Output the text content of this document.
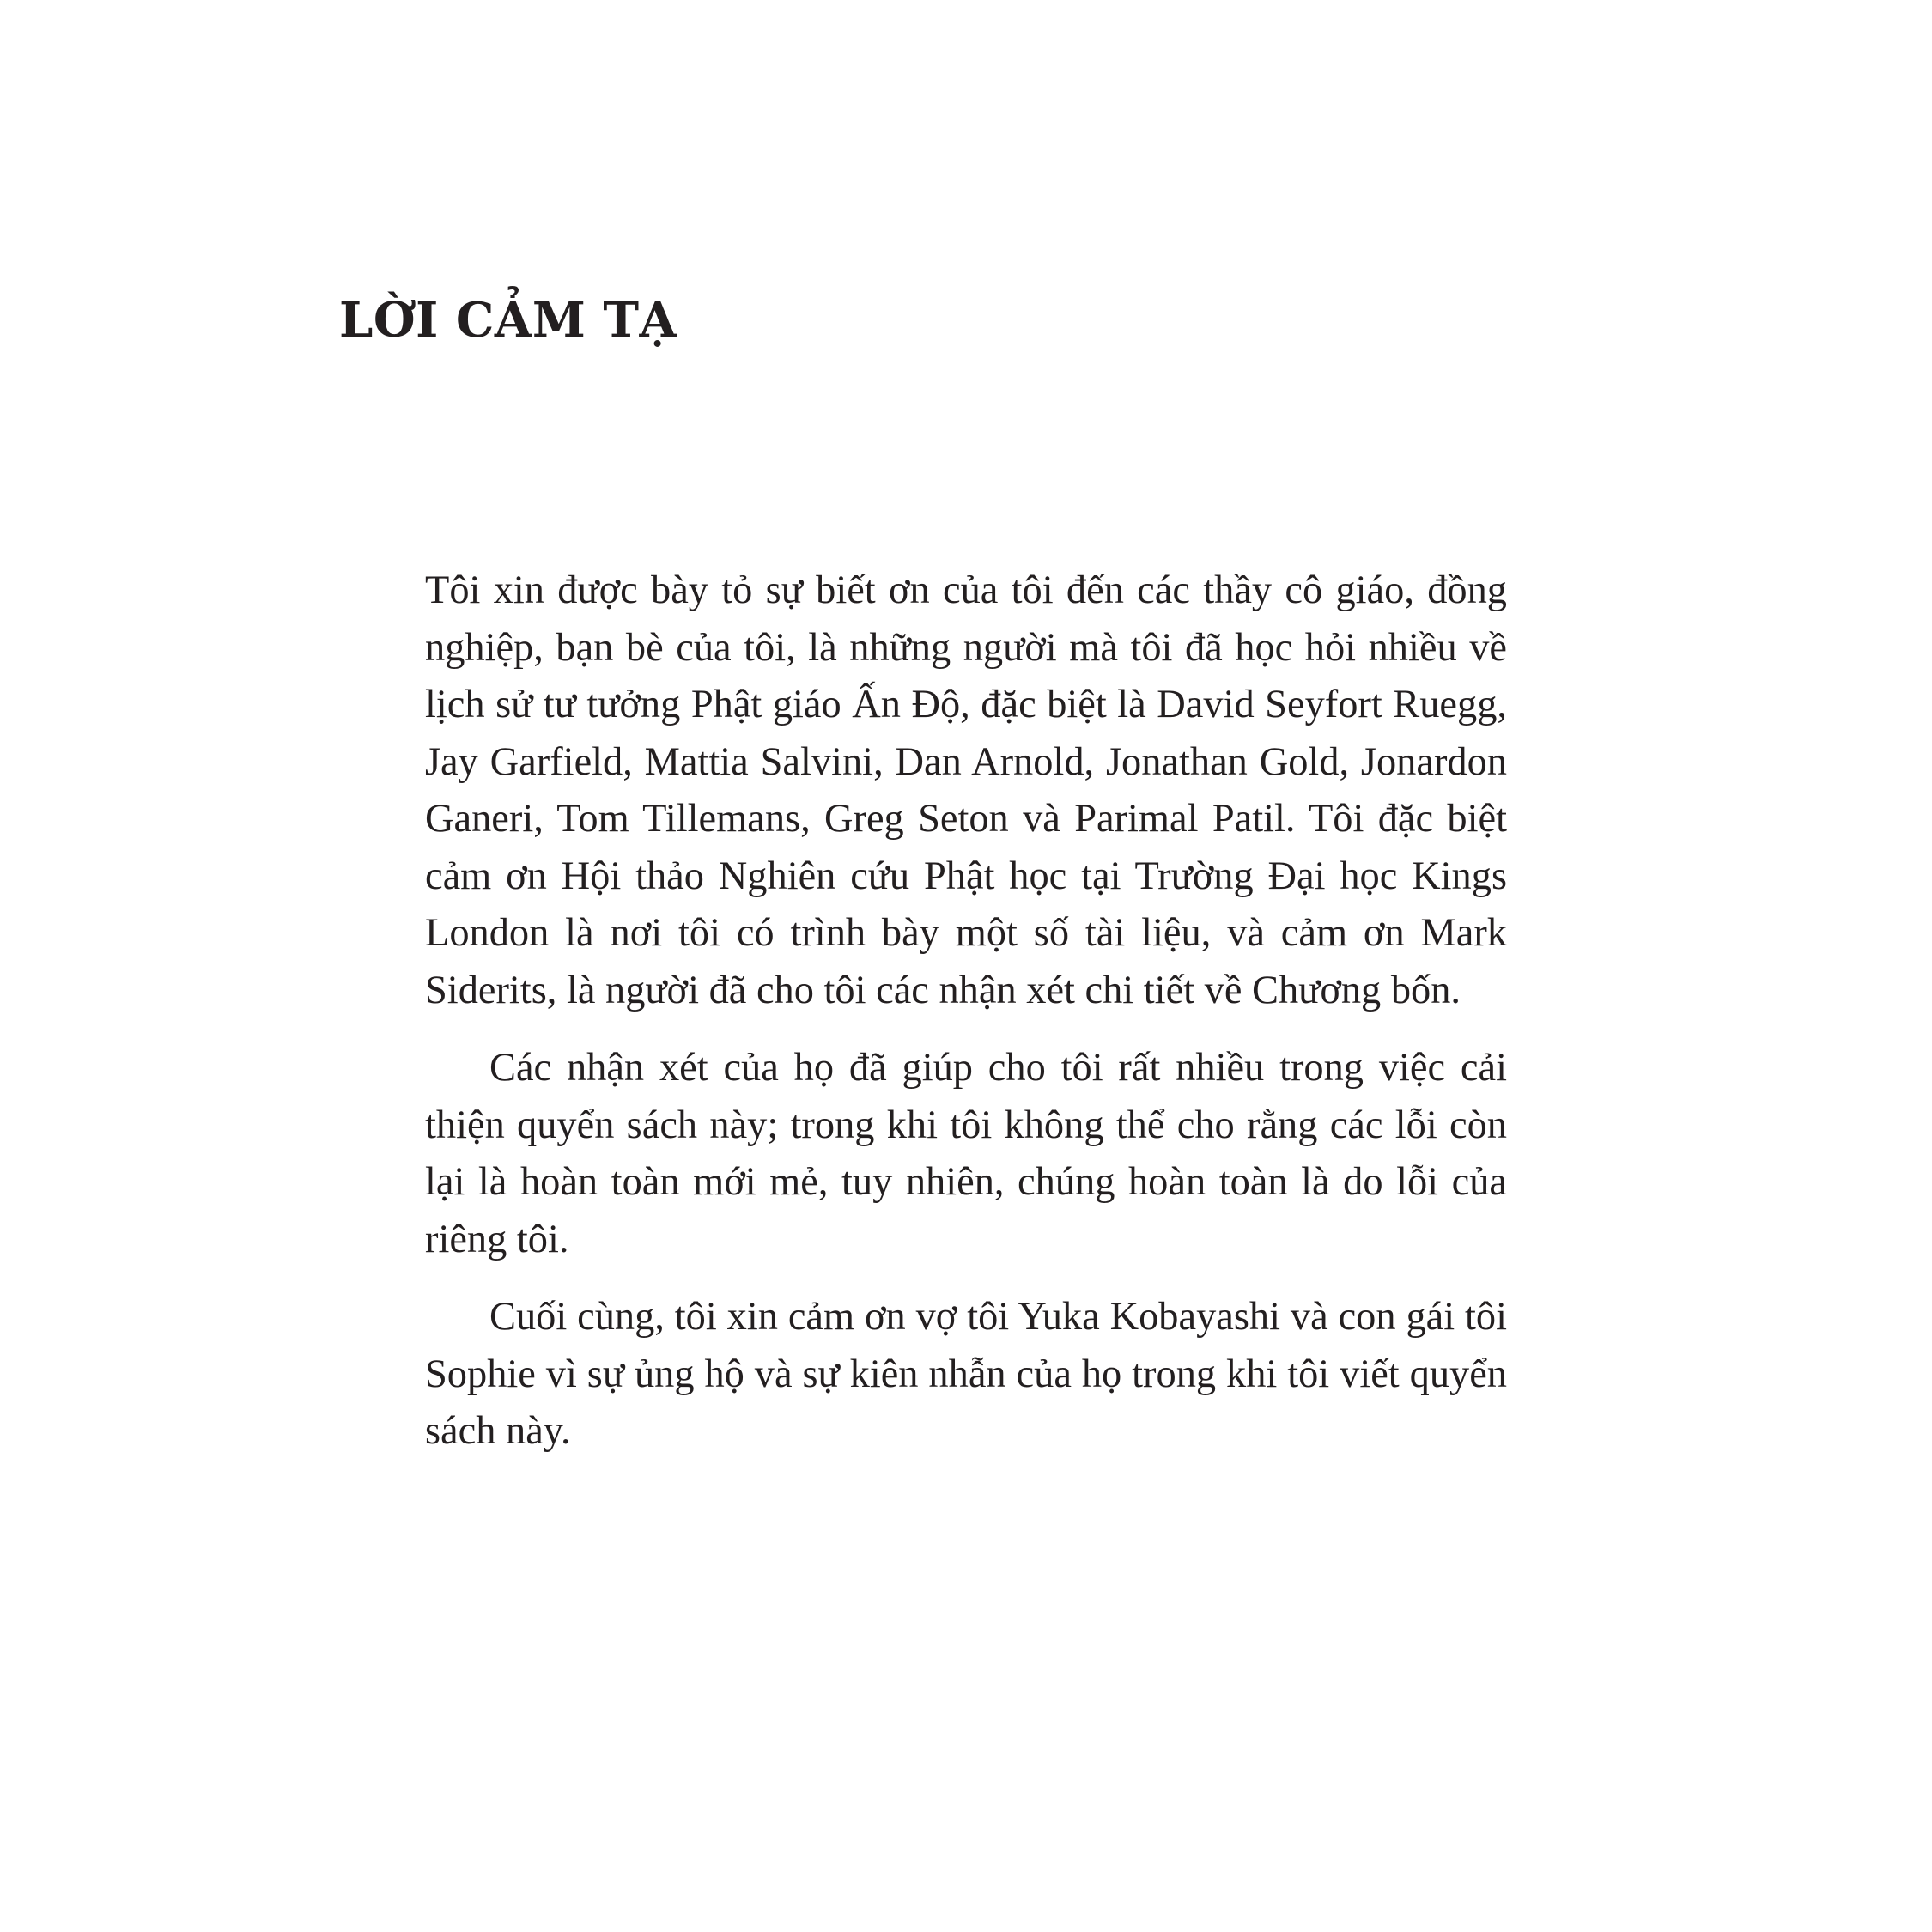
LỜI CẢM TẠ

Tôi xin được bày tỏ sự biết ơn của tôi đến các thầy cô giáo, đồng nghiệp, bạn bè của tôi, là những người mà tôi đã học hỏi nhiều về lịch sử tư tưởng Phật giáo Ấn Độ, đặc biệt là David Seyfort Ruegg, Jay Garfield, Mattia Salvini, Dan Arnold, Jonathan Gold, Jonardon Ganeri, Tom Tillemans, Greg Seton và Parimal Patil. Tôi đặc biệt cảm ơn Hội thảo Nghiên cứu Phật học tại Trường Đại học Kings London là nơi tôi có trình bày một số tài liệu, và cảm ơn Mark Siderits, là người đã cho tôi các nhận xét chi tiết về Chương bốn.

Các nhận xét của họ đã giúp cho tôi rất nhiều trong việc cải thiện quyển sách này; trong khi tôi không thể cho rằng các lỗi còn lại là hoàn toàn mới mẻ, tuy nhiên, chúng hoàn toàn là do lỗi của riêng tôi.

Cuối cùng, tôi xin cảm ơn vợ tôi Yuka Kobayashi và con gái tôi Sophie vì sự ủng hộ và sự kiên nhẫn của họ trong khi tôi viết quyển sách này.
